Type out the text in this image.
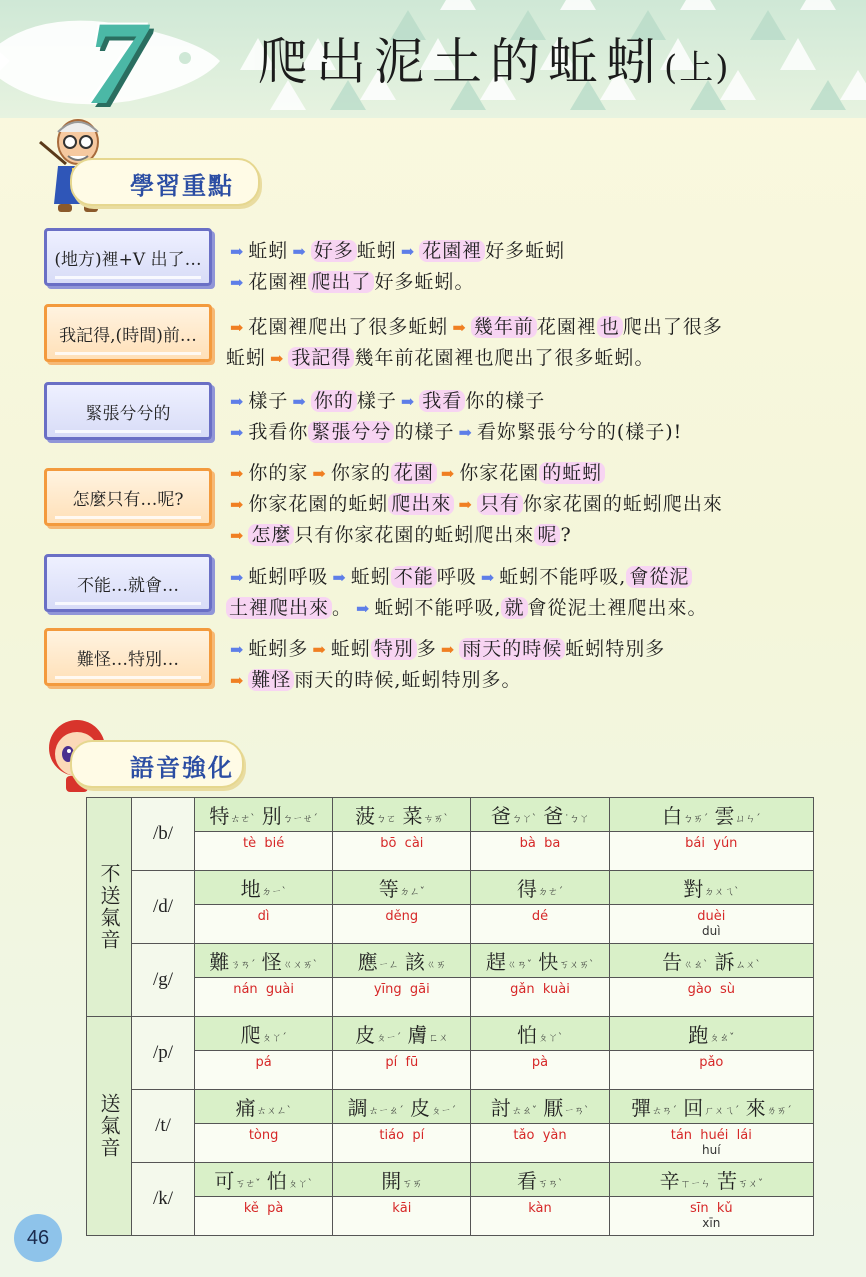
7 爬出泥土的蚯蚓(上)
學習重點
(地方)裡+V 出了…	➡ 蚯蚓 ➡ 好多 蚯蚓 ➡ 花園裡 好多蚯蚓
➡ 花園裡 爬出了 好多蚯蚓。
我記得,(時間)前…	➡ 花園裡爬出了很多蚯蚓 ➡ 幾年前 花園裡 也 爬出了很多
蚯蚓 ➡ 我記得 幾年前花園裡也爬出了很多蚯蚓。
緊張兮兮的
➡ 樣子 ➡ 你的 樣子 ➡ 我看 你的樣子
➡ 我看你 緊張兮兮 的樣子 ➡ 看妳緊張兮兮的(樣子)!
怎麼只有…呢?
➡ 你的家 ➡ 你家的 花園 ➡ 你家花園 的蚯蚓
➡ 你家花園的蚯蚓 爬出來 ➡ 只有 你家花園的蚯蚓爬出來
➡ 怎麼 只有你家花園的蚯蚓爬出來 呢 ?
不能…就會…	➡ 蚯蚓呼吸 ➡ 蚯蚓 不能 呼吸 ➡ 蚯蚓不能呼吸, 會從泥
土裡爬出來 。 ➡ 蚯蚓不能呼吸, 就 會從泥土裡爬出來。
難怪…特別…	➡ 蚯蚓多 ➡ 蚯蚓 特別 多 ➡ 雨天的時候 蚯蚓特別多
➡ 難怪 雨天的時候,蚯蚓特別多。
語音強化
不送氣音	/b/	特ㄊㄜˋ 別ㄅㄧㄝˊ	菠ㄅㄛ 菜ㄘㄞˋ	爸ㄅㄚˋ 爸˙ㄅㄚ	白ㄅㄞˊ 雲ㄩㄣˊ

		tè  bié	bō  cài	bà  ba	bái  yún

	/d/	地ㄉㄧˋ	等ㄉㄥˇ	得ㄉㄜˊ	對ㄉㄨㄟˋ

		dì	děng	dé	duèi
duì

	/g/	難ㄋㄢˊ 怪ㄍㄨㄞˋ	應ㄧㄥ 該ㄍㄞ	趕ㄍㄢˇ 快ㄎㄨㄞˋ	告ㄍㄠˋ 訴ㄙㄨˋ

		nán  guài	yīng  gāi	gǎn  kuài	gào  sù

送氣音	/p/	爬ㄆㄚˊ	皮ㄆㄧˊ 膚ㄈㄨ	怕ㄆㄚˋ	跑ㄆㄠˇ

		pá	pí  fū	pà	pǎo

	/t/	痛ㄊㄨㄥˋ	調ㄊㄧㄠˊ 皮ㄆㄧˊ	討ㄊㄠˇ 厭ㄧㄢˋ	彈ㄊㄢˊ 回ㄏㄨㄟˊ 來ㄌㄞˊ

		tòng	tiáo  pí	tǎo  yàn	tán  huéi  lái
huí

	/k/	可ㄎㄜˇ 怕ㄆㄚˋ	開ㄎㄞ	看ㄎㄢˋ	辛ㄒㄧㄣ 苦ㄎㄨˇ

		kě  pà	kāi	kàn	sīn  kǔ
xīn
46
